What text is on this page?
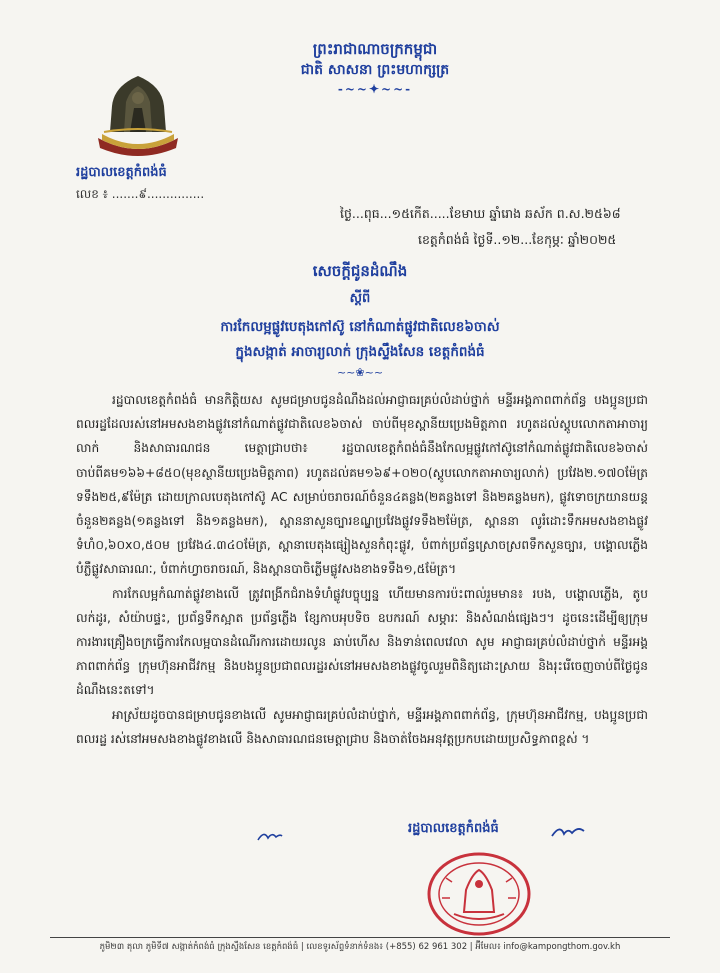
ព្រះរាជាណាចក្រកម្ពុជា
ជាតិ សាសនា ព្រះមហាក្សត្រ
-~~✦~~-
រដ្ឋបាលខេត្តកំពង់ធំ
លេខ ៖ .......៩...............
ថ្ងៃ...ពុធ...១៥កើត.....ខែមាឃ ឆ្នាំរោង ឆស័ក ព.ស.២៥៦៨
ខេត្តកំពង់ធំ ថ្ងៃទី..១២...ខែកុម្ភៈ ឆ្នាំ២០២៥
សេចក្តីជូនដំណឹង
ស្តីពី
ការកែលម្អផ្លូវបេតុងកៅស៊ូ នៅកំណាត់ផ្លូវជាតិលេខ៦ចាស់
ក្នុងសង្កាត់ អាចារ្យលាក់ ក្រុងស្ទឹងសែន ខេត្តកំពង់ធំ
~~❀~~

រដ្ឋបាលខេត្តកំពង់ធំ មានកិត្តិយស សូមជម្រាបជូនដំណឹងដល់អាជ្ញាធរគ្រប់លំដាប់ថ្នាក់ មន្ទីរអង្គភាពពាក់ព័ន្ធ បងប្អូនប្រជាពលរដ្ឋដែលរស់នៅអមសងខាងផ្លូវនៅកំណាត់ផ្លូវជាតិលេខ៦ចាស់ ចាប់ពីមុខស្ពានីយប្រេងមិត្តភាព រហូតដល់ស្តូបលោកតាអាចារ្យលាក់ និងសាធារណជន មេត្តាជ្រាបថា៖ រដ្ឋបាលខេត្តកំពង់ធំនឹងកែលម្អផ្លូវកៅស៊ូនៅកំណាត់ផ្លូវជាតិលេខ៦ចាស់ ចាប់ពីគម១៦៦+៨៥០(មុខស្ថានីយប្រេងមិត្តភាព) រហូតដល់គម១៦៩+០២០(ស្តូបលោកតាអាចារ្យលាក់) ប្រវែង២.១៧០ម៉ែត្រ ទទឹង២៥,៩ម៉ែត្រ ដោយក្រាលបេតុងកៅស៊ូ AC សម្រាប់ចរាចរណ៍ចំនួន៤គន្លង(២គន្លងទៅ និង២គន្លងមក), ផ្លូវទោចក្រយានយន្តចំនួន២គន្លង(១គន្លងទៅ និង១គន្លងមក), ស្ពាននាសួនច្បារខណ្ឌប្រវែងផ្លូវទទឹង២ម៉ែត្រ, ស្ពាននា លូរំដោះទឹកអមសងខាងផ្លូវទំហំ០,៦០x០,៥០ម ប្រវែង៤.៣៤០ម៉ែត្រ, ស្ពានាបេតុងផ្សៀងសួនកំពុះផ្លូវ, បំពាក់ប្រព័ន្ធស្រោចស្រពទឹកសួនច្បារ, បង្គោលភ្លើងបំភ្លឺផ្លូវសាធារណៈ, បំពាក់ហ្វាចរាចរណ៍, និងស្ពានបាចិភ្លើមផ្លូវសងខាងទទឹង១,៥ម៉ែត្រ។

ការកែលម្អកំណាត់ផ្លូវខាងលើ ត្រូវពង្រីកជំរាងទំហំផ្លូវបច្ចុប្បន្ន ហើយមានការប៉ះពាល់រួមមាន៖ របង, បង្គោលភ្លើង, តូបលក់ដូរ, សំយ៉ាបផ្ទះ, ប្រព័ន្ធទឹកស្អាត ប្រព័ន្ធភ្លើង ខ្សែកាបអុបទិច ឧបករណ៍ សម្ភារៈ និងសំណង់ផ្សេងៗ។ ដូចនេះដើម្បីឲ្យក្រុមការងារគ្រឿងចក្រធ្វើការកែលម្អបានដំណើរការដោយរលូន ឆាប់ហើស និងទាន់ពេលវេលា សូម អាជ្ញាធរគ្រប់លំដាប់ថ្នាក់ មន្ទីរអង្គភាពពាក់ព័ន្ធ ក្រុមហ៊ុនអាជីវកម្ម និងបងប្អូនប្រជាពលរដ្ឋរស់នៅអមសងខាងផ្លូវចូលរួមពិនិត្យដោះស្រាយ និងរុះរើចេញចាប់ពីថ្ងៃជូនដំណឹងនេះតទៅ។

អាស្រ័យដូចបានជម្រាបជូនខាងលើ សូមអាជ្ញាធរគ្រប់លំដាប់ថ្នាក់, មន្ទីរអង្គភាពពាក់ព័ន្ធ, ក្រុមហ៊ុនអាជីវកម្ម, បងប្អូនប្រជាពលរដ្ឋ រស់នៅអមសងខាងផ្លូវខាងលើ និងសាធារណជនមេត្តាជ្រាប និងចាត់ចែងអនុវត្តប្រកបដោយប្រសិទ្ធភាពខ្ពស់ ។

រដ្ឋបាលខេត្តកំពង់ធំ
ភូមិ២៣ តុលា ភូមិទី៧ សង្កាត់កំពង់ធំ ក្រុងស្ទឹងសែន ខេត្តកំពង់ធំ | លេខទូរស័ព្ទទំនាក់ទំនង៖ (+855) 62 961 302 | អ៊ីមែល៖ info@kampongthom.gov.kh
